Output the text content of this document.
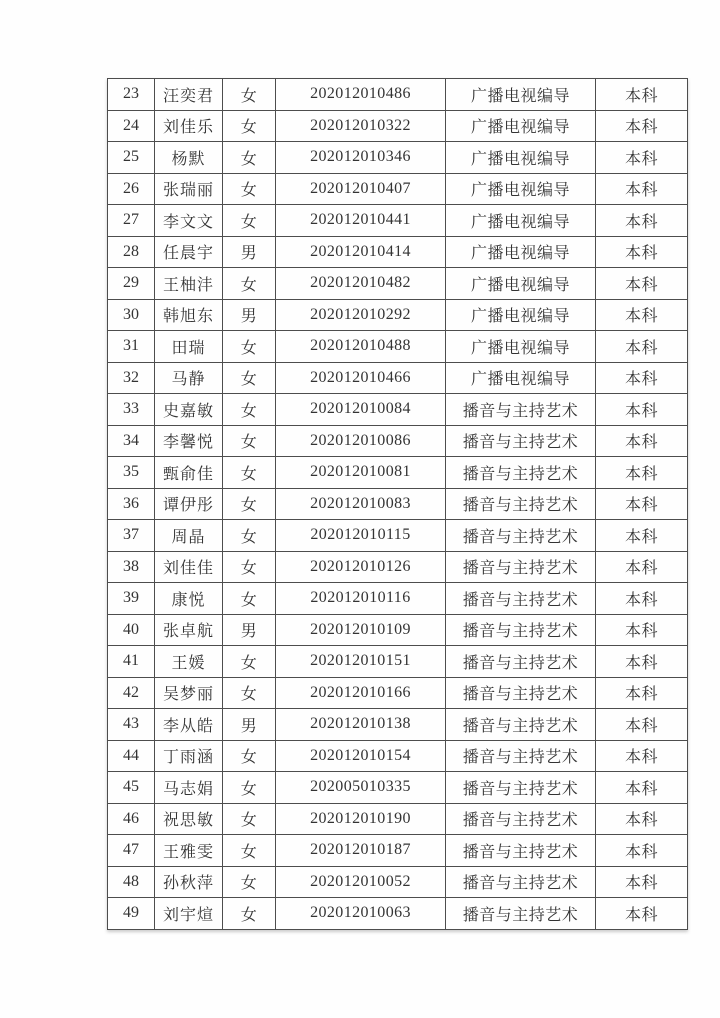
23	汪奕君	女	202012010486	广播电视编导	本科
24	刘佳乐	女	202012010322	广播电视编导	本科
25	杨默	女	202012010346	广播电视编导	本科
26	张瑞丽	女	202012010407	广播电视编导	本科
27	李文文	女	202012010441	广播电视编导	本科
28	任晨宇	男	202012010414	广播电视编导	本科
29	王柚沣	女	202012010482	广播电视编导	本科
30	韩旭东	男	202012010292	广播电视编导	本科
31	田瑞	女	202012010488	广播电视编导	本科
32	马静	女	202012010466	广播电视编导	本科
33	史嘉敏	女	202012010084	播音与主持艺术	本科
34	李馨悦	女	202012010086	播音与主持艺术	本科
35	甄俞佳	女	202012010081	播音与主持艺术	本科
36	谭伊彤	女	202012010083	播音与主持艺术	本科
37	周晶	女	202012010115	播音与主持艺术	本科
38	刘佳佳	女	202012010126	播音与主持艺术	本科
39	康悦	女	202012010116	播音与主持艺术	本科
40	张卓航	男	202012010109	播音与主持艺术	本科
41	王媛	女	202012010151	播音与主持艺术	本科
42	吴梦丽	女	202012010166	播音与主持艺术	本科
43	李从皓	男	202012010138	播音与主持艺术	本科
44	丁雨涵	女	202012010154	播音与主持艺术	本科
45	马志娟	女	202005010335	播音与主持艺术	本科
46	祝思敏	女	202012010190	播音与主持艺术	本科
47	王雅雯	女	202012010187	播音与主持艺术	本科
48	孙秋萍	女	202012010052	播音与主持艺术	本科
49	刘宇煊	女	202012010063	播音与主持艺术	本科
